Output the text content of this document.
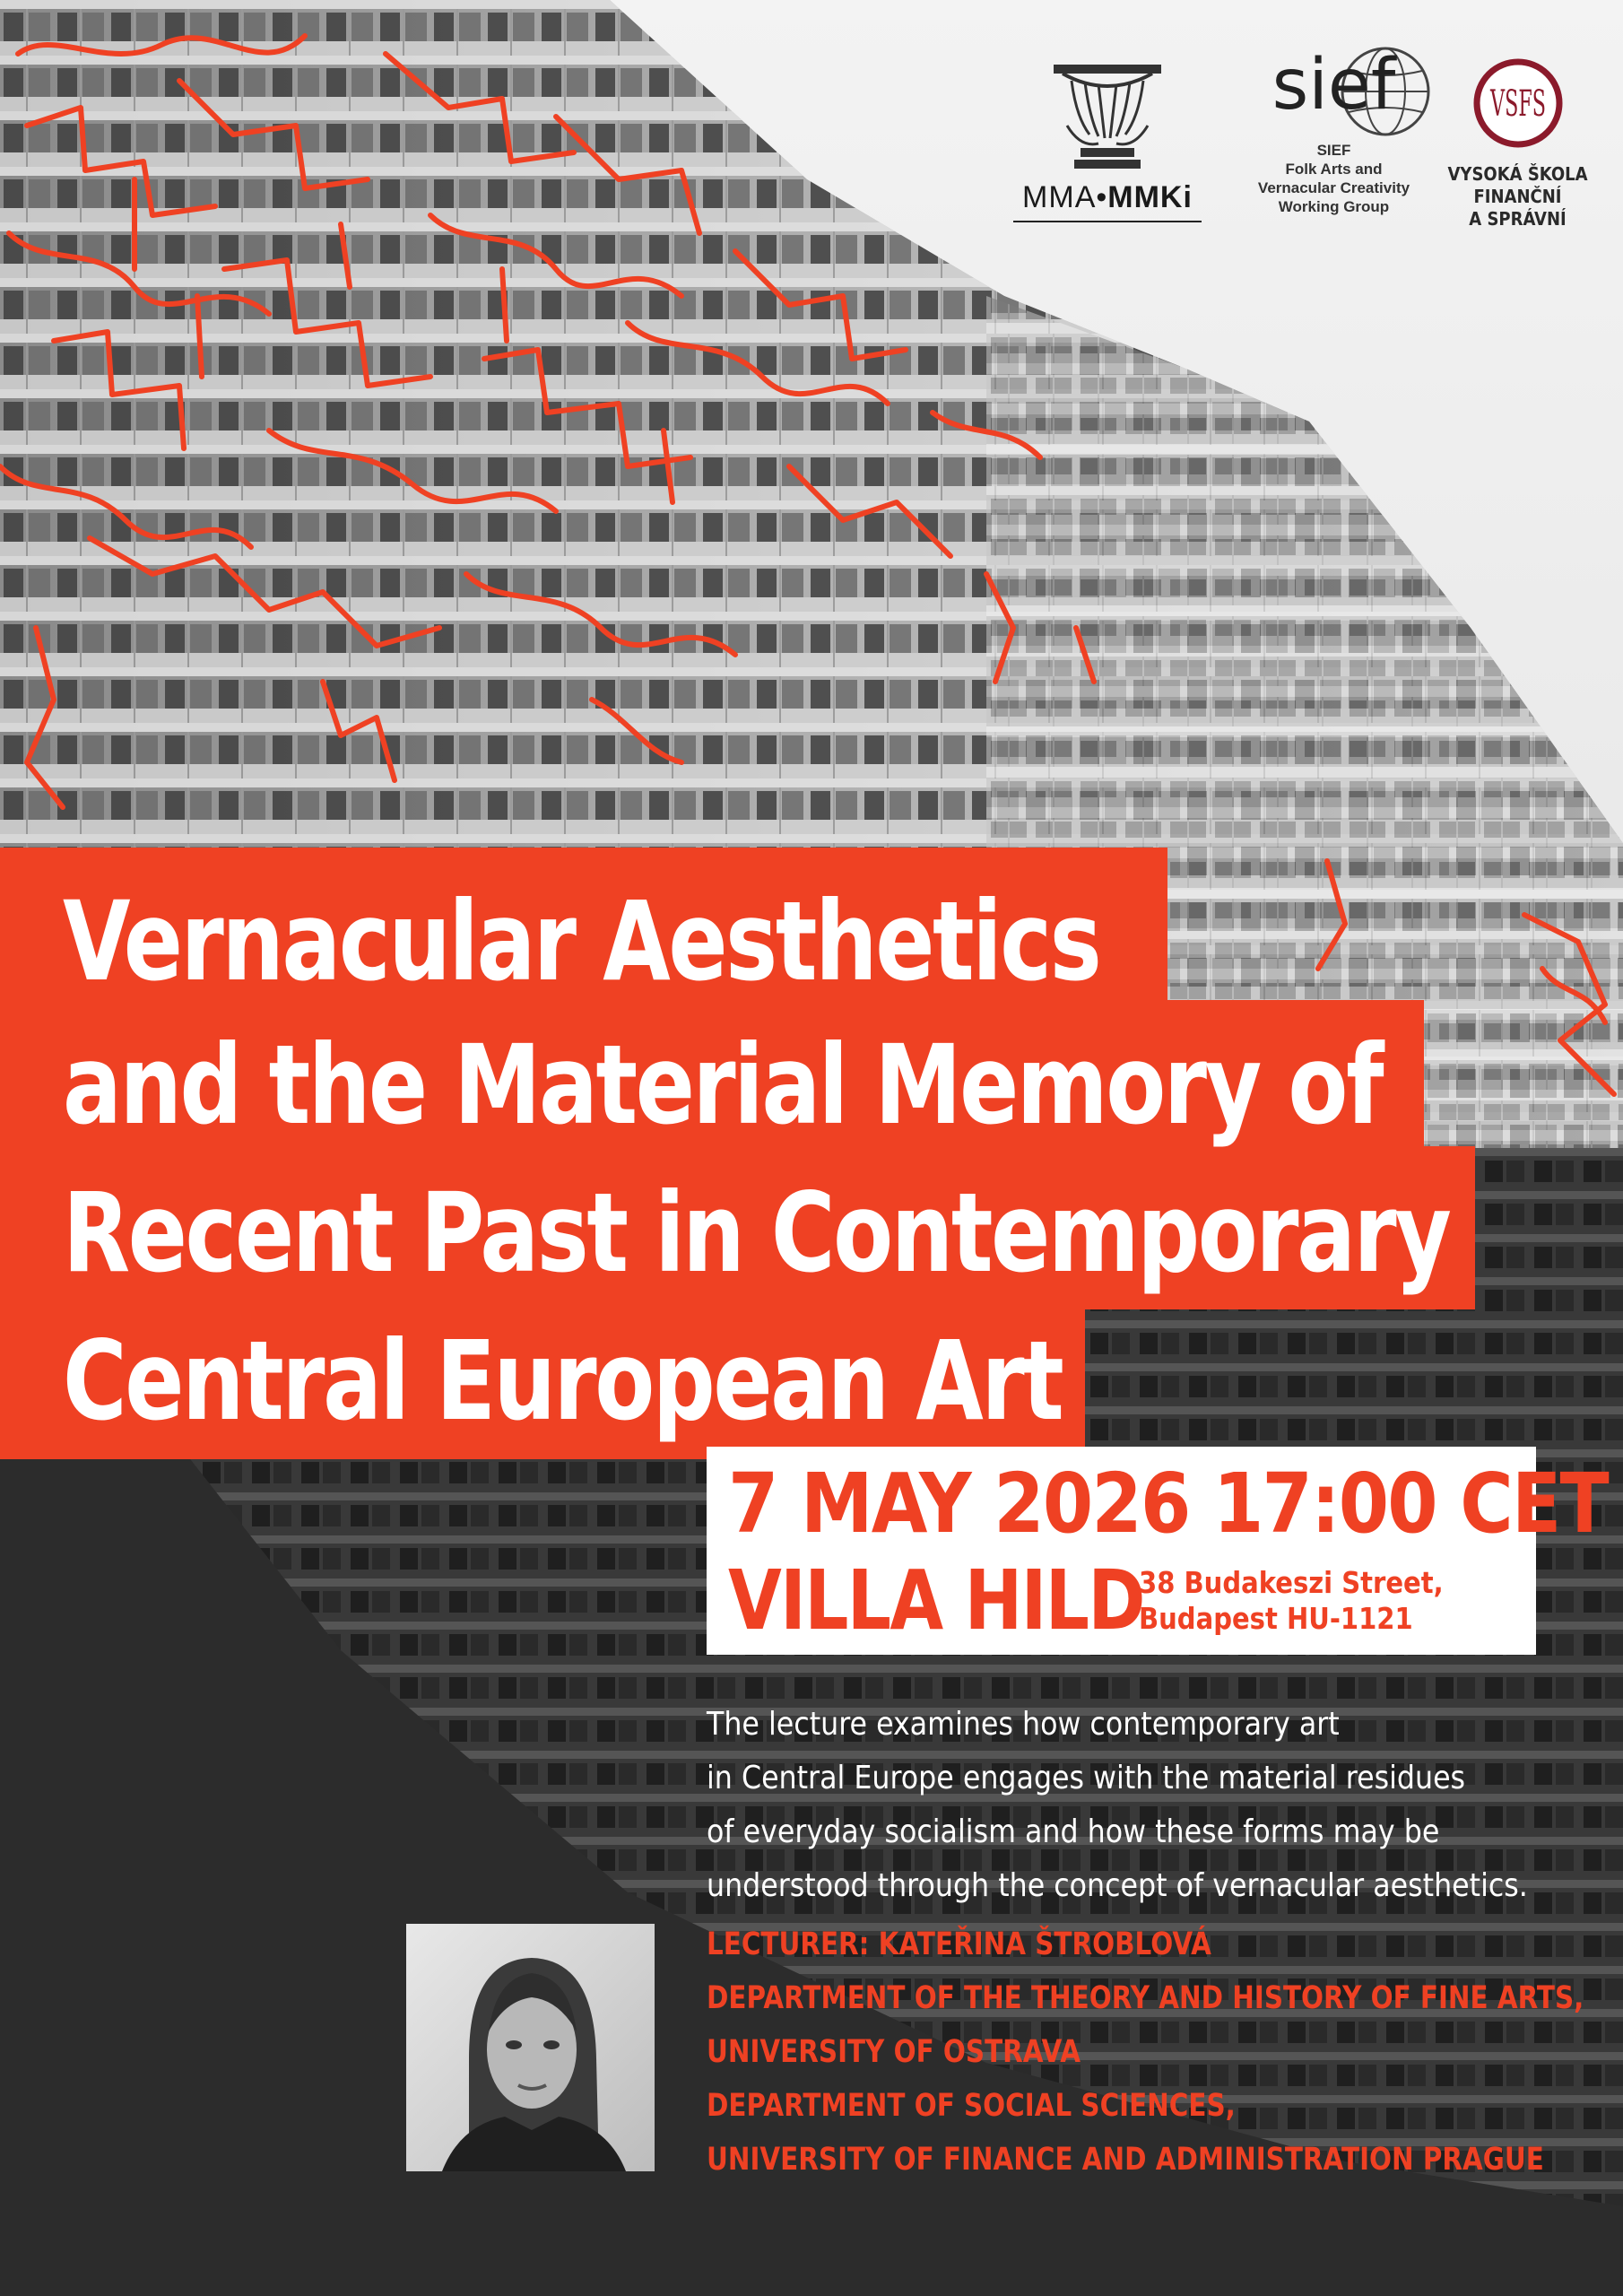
MMA•MMKi
sief
SIEF
Folk Arts and
Vernacular Creativity
Working Group
VSFS
VYSOKÁ ŠKOLA
FINANČNÍ
A SPRÁVNÍ
Vernacular Aesthetics
and the Material Memory of
Recent Past in Contemporary
Central European Art
7 MAY 2026 17:00 CET
VILLA HILD
38 Budakeszi Street,
Budapest HU-1121
The lecture examines how contemporary art
in Central Europe engages with the material residues
of everyday socialism and how these forms may be
understood through the concept of vernacular aesthetics.
LECTURER: KATEŘINA ŠTROBLOVÁ
DEPARTMENT OF THE THEORY AND HISTORY OF FINE ARTS,
UNIVERSITY OF OSTRAVA
DEPARTMENT OF SOCIAL SCIENCES,
UNIVERSITY OF FINANCE AND ADMINISTRATION PRAGUE
